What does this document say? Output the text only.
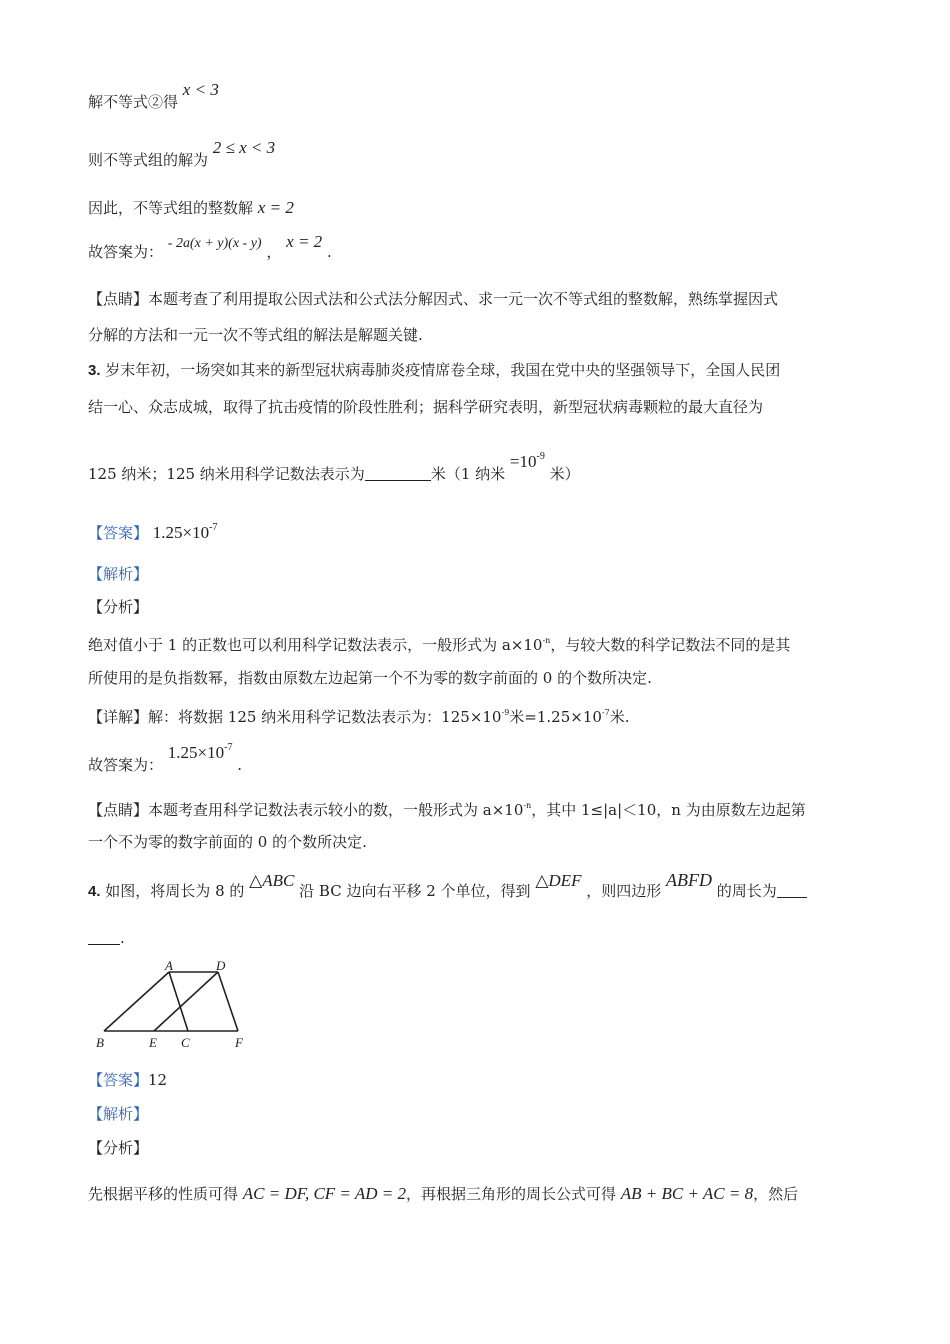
解不等式②得 x < 3
则不等式组的解为 2 ≤ x < 3
因此，不等式组的整数解 x = 2
故答案为： - 2a(x + y)(x - y) ， x = 2 .
【点睛】本题考查了利用提取公因式法和公式法分解因式、求一元一次不等式组的整数解，熟练掌握因式
分解的方法和一元一次不等式组的解法是解题关键.
3. 岁末年初，一场突如其来的新型冠状病毒肺炎疫情席卷全球，我国在党中央的坚强领导下，全国人民团
结一心、众志成城，取得了抗击疫情的阶段性胜利；据科学研究表明，新型冠状病毒颗粒的最大直径为
125 纳米；125 纳米用科学记数法表示为	米（1 纳米 $=10^{-9}$ 米）
【答案】 $1.25\times 10^{-7}$
【解析】
【分析】
绝对值小于 1 的正数也可以利用科学记数法表示，一般形式为 $a\times 10^{-n}$，与较大数的科学记数法不同的是其
所使用的是负指数幂，指数由原数左边起第一个不为零的数字前面的 0 的个数所决定.
【详解】解：将数据 125 纳米用科学记数法表示为：$125\times 10^{-9}$米$=1.25\times 10^{-7}$米.
故答案为： $1.25\times 10^{-7}$ .
【点睛】本题考查用科学记数法表示较小的数，一般形式为 $a\times 10^{-n}$，其中 1≤|a|＜10，n 为由原数左边起第
一个不为零的数字前面的 0 的个数所决定.
4. 如图，将周长为 8 的 △ABC 沿 BC 边向右平移 2 个单位，得到 △DEF ，则四边形 ABFD 的周长为
.
A	D
B	E C	F
【答案】12
【解析】
【分析】
先根据平移的性质可得 AC = DF, CF = AD = 2，再根据三角形的周长公式可得 AB + BC + AC = 8，然后
